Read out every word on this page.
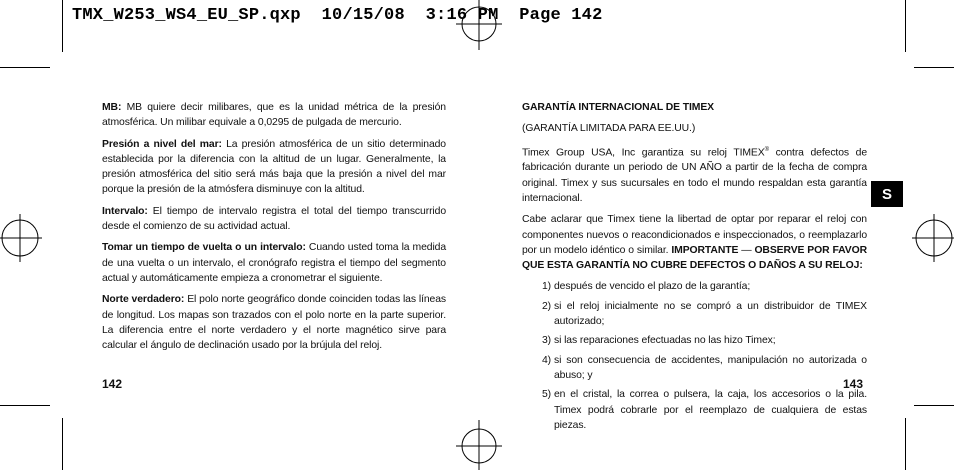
TMX_W253_WS4_EU_SP.qxp  10/15/08  3:16 PM  Page 142

MB: MB quiere decir milibares, que es la unidad métrica de la presión atmosférica. Un milibar equivale a 0,0295 de pulgada de mercurio.

Presión a nivel del mar: La presión atmosférica de un sitio determinado establecida por la diferencia con la altitud de un lugar. Generalmente, la presión atmosférica del sitio será más baja que la presión a nivel del mar porque la presión de la atmósfera disminuye con la altitud.

Intervalo: El tiempo de intervalo registra el total del tiempo transcurrido desde el comienzo de su actividad actual.

Tomar un tiempo de vuelta o un intervalo: Cuando usted toma la medida de una vuelta o un intervalo, el cronógrafo registra el tiempo del segmento actual y automáticamente empieza a cronometrar el siguiente.

Norte verdadero: El polo norte geográfico donde coinciden todas las líneas de longitud. Los mapas son trazados con el polo norte en la parte superior. La diferencia entre el norte verdadero y el norte magnético sirve para calcular el ángulo de declinación usado por la brújula del reloj.

142

GARANTÍA INTERNACIONAL DE TIMEX

(GARANTÍA LIMITADA PARA EE.UU.)

Timex Group USA, Inc garantiza su reloj TIMEX® contra defectos de fabricación durante un periodo de UN AÑO a partir de la fecha de compra original. Timex y sus sucursales en todo el mundo respaldan esta garantía internacional.

Cabe aclarar que Timex tiene la libertad de optar por reparar el reloj con componentes nuevos o reacondicionados e inspeccionados, o reemplazarlo por un modelo idéntico o similar. IMPORTANTE — OBSERVE POR FAVOR QUE ESTA GARANTÍA NO CUBRE DEFECTOS O DAÑOS A SU RELOJ:

1) después de vencido el plazo de la garantía;
2) si el reloj inicialmente no se compró a un distribuidor de TIMEX autorizado;
3) si las reparaciones efectuadas no las hizo Timex;
4) si son consecuencia de accidentes, manipulación no autorizada o abuso; y
5) en el cristal, la correa o pulsera, la caja, los accesorios o la pila. Timex podrá cobrarle por el reemplazo de cualquiera de estas piezas.
143
S
